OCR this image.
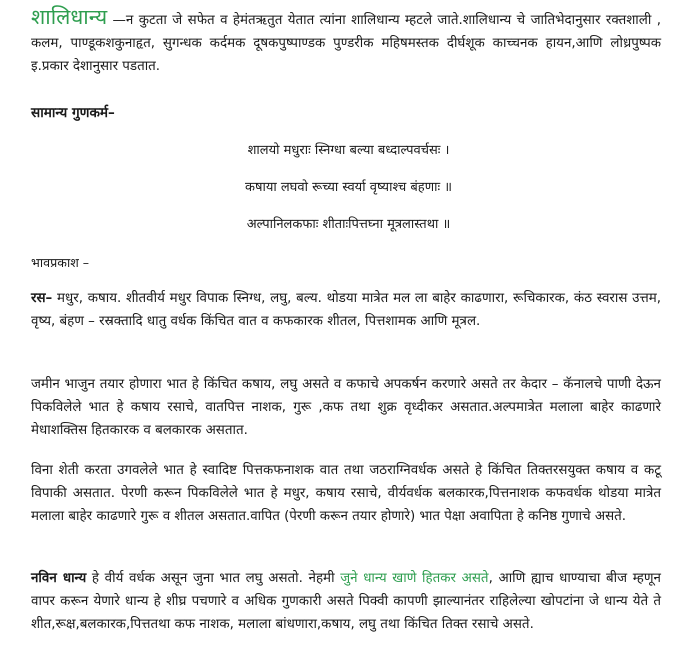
शालिधान्य —न कुटता जे सफेत व हेमंतऋतुत येतात त्यांना शालिधान्य म्हटले जाते.शालिधान्य चे जातिभेदानुसार रक्तशाली , कलम, पाण्डूकशकुनाहृत, सुगन्धक कर्दमक दूषकपुष्पाण्डक पुण्डरीक महिषमस्तक दीर्घशूक काच्चनक हायन,आणि लोध्रपुष्पक इ.प्रकार देशानुसार पडतात.

सामान्य गुणकर्म–

शालयो मधुराः स्निग्धा बल्या बध्दाल्पवर्चसः ।

कषाया लघवो रूच्या स्वर्या वृष्याश्च बंहणाः ॥

अल्पानिलकफाः शीताःपित्तघ्ना मूत्रलास्तथा ॥

भावप्रकाश –

रस– मधुर, कषाय. शीतवीर्य मधुर विपाक स्निग्ध, लघु, बल्य. थोडया मात्रेत मल ला बाहेर काढणारा, रूचिकारक, कंठ स्वरास उत्तम, वृष्य, बंहण – रस्रक्तादि धातु वर्धक किंचित वात व कफकारक शीतल, पित्तशामक आणि मूत्रल.

जमीन भाजुन तयार होणारा भात हे किंचित कषाय, लघु असते व कफाचे अपकर्षन करणारे असते तर केदार – कॅनालचे पाणी देऊन पिकविलेले भात हे कषाय रसाचे, वातपित्त नाशक, गुरू ,कफ तथा शुक्र वृध्दीकर असतात.अल्पमात्रेत मलाला बाहेर काढणारे मेधाशक्तिस हितकारक व बलकारक असतात.

विना शेती करता उगवलेले भात हे स्वादिष्ट पित्तकफनाशक वात तथा जठराग्निवर्धक असते हे किंचित तिक्तरसयुक्त कषाय व कटू विपाकी असतात. पेरणी करून पिकविलेले भात हे मधुर, कषाय रसाचे, वीर्यवर्धक बलकारक,पित्तनाशक कफवर्धक थोडया मात्रेत मलाला बाहेर काढणारे गुरू व शीतल असतात.वापित (पेरणी करून तयार होणारे) भात पेक्षा अवापिता हे कनिष्ठ गुणाचे असते.

नविन धान्य हे वीर्य वर्धक असून जुना भात लघु असतो. नेहमी जुने धान्य खाणे हितकर असते, आणि ह्याच धाण्याचा बीज म्हणून वापर करून येणारे धान्य हे शीघ्र पचणारे व अधिक गुणकारी असते पिक्वी कापणी झाल्यानंतर राहिलेल्या खोपटांना जे धान्य येते ते शीत,रूक्ष,बलकारक,पित्ततथा कफ नाशक, मलाला बांधणारा,कषाय, लघु तथा किंचित तिक्त रसाचे असते.
